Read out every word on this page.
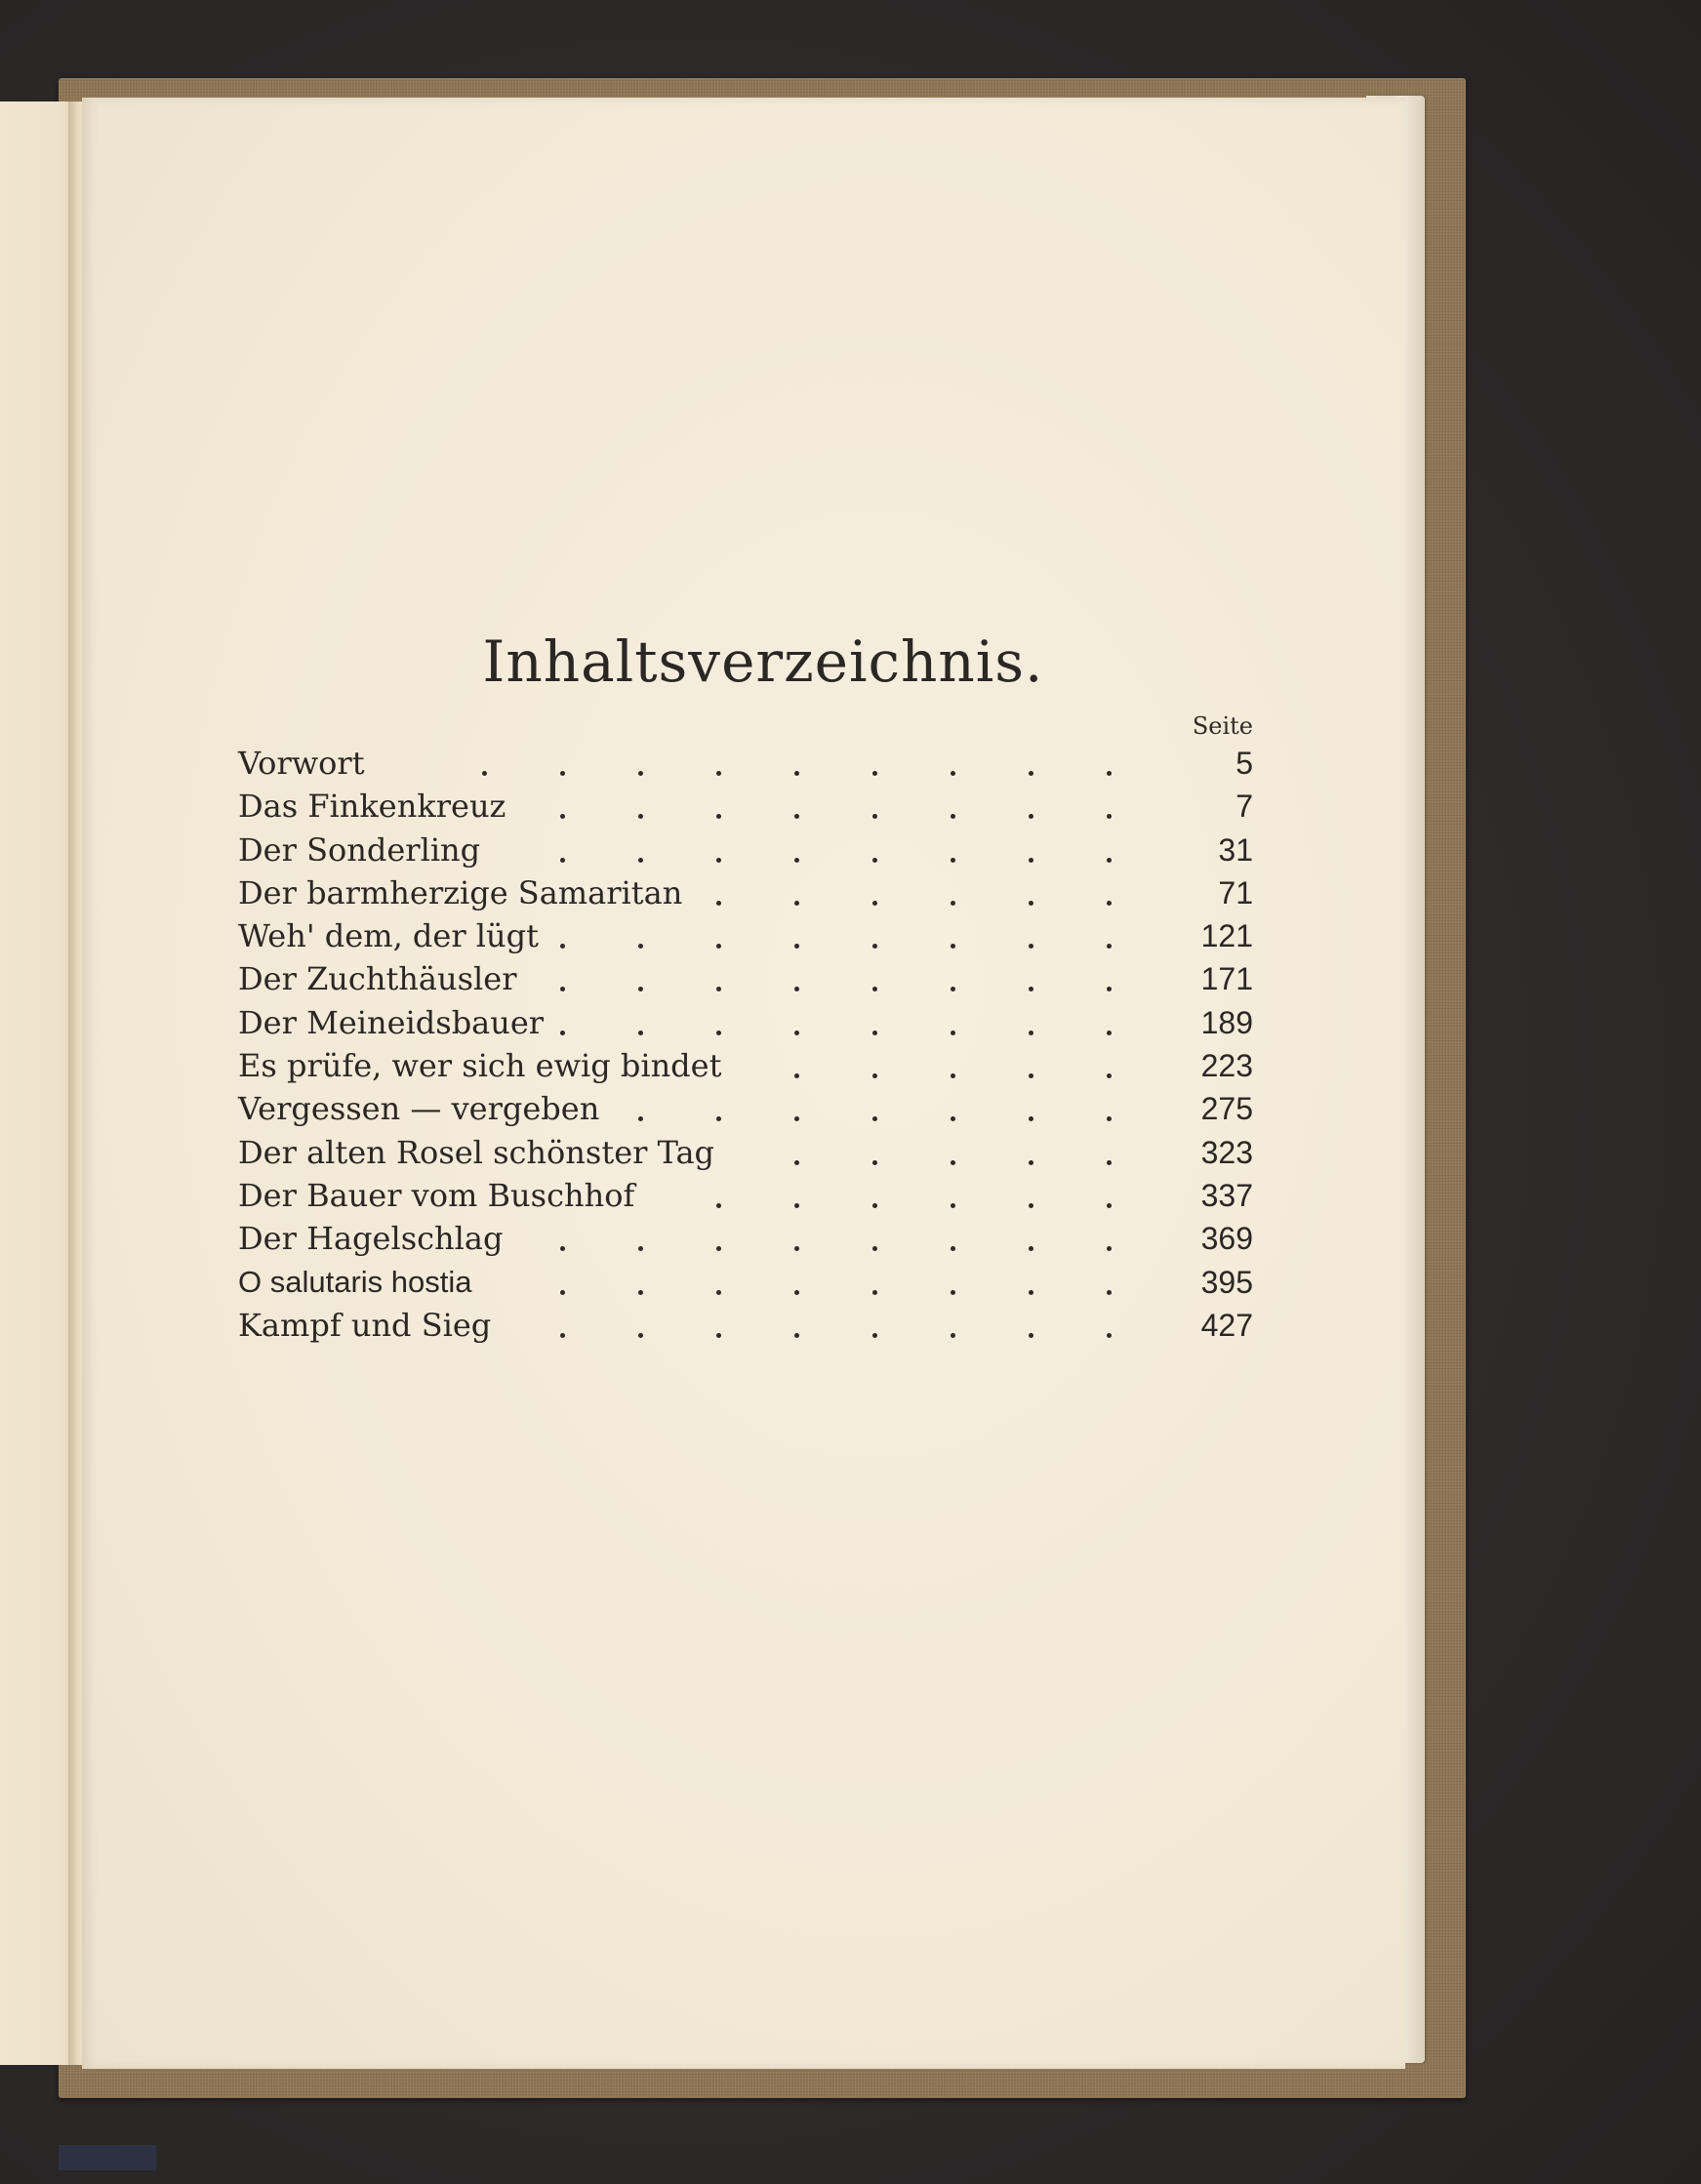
Inhaltsverzeichnis.
Seite
Vorwort	5
Das Finkenkreuz	7
Der Sonderling	31
Der barmherzige Samaritan	71
Weh' dem, der lügt	121
Der Zuchthäusler	171
Der Meineidsbauer	189
Es prüfe, wer sich ewig bindet	223
Vergessen — vergeben	275
Der alten Rosel schönster Tag	323
Der Bauer vom Buschhof	337
Der Hagelschlag	369
O salutaris hostia	395
Kampf und Sieg	427
